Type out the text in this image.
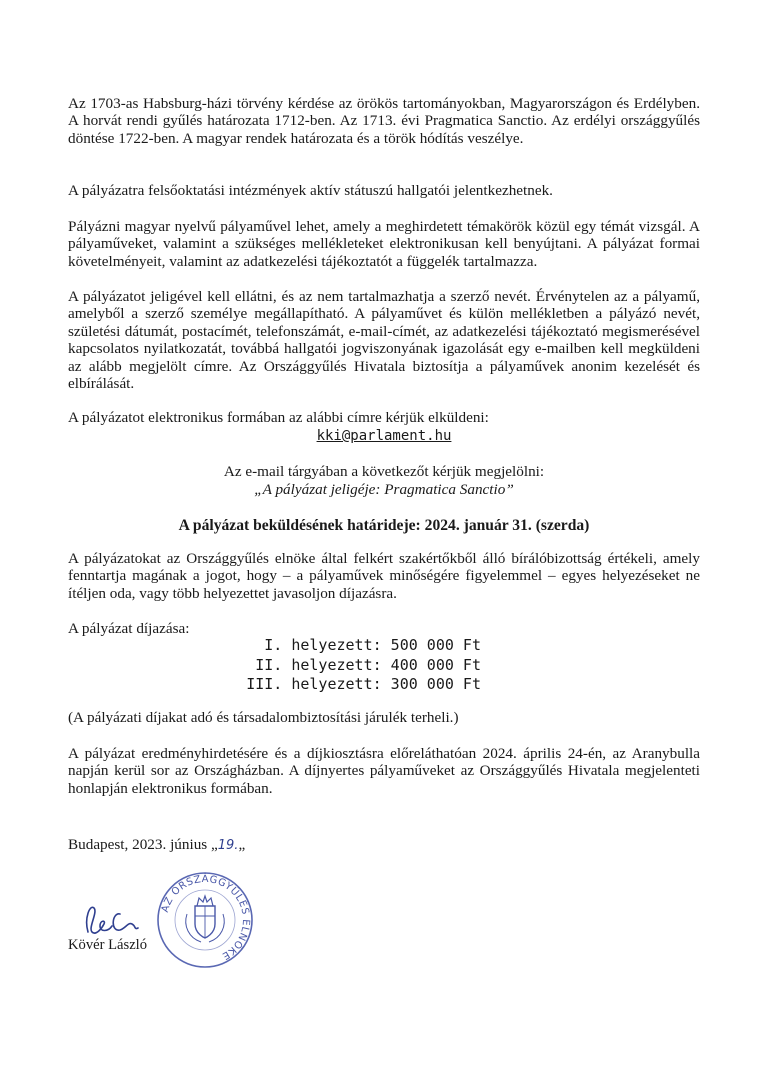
Az 1703-as Habsburg-házi törvény kérdése az örökös tartományokban, Magyarországon és Erdélyben. A horvát rendi gyűlés határozata 1712-ben. Az 1713. évi Pragmatica Sanctio. Az erdélyi országgyűlés döntése 1722-ben. A magyar rendek határozata és a török hódítás veszélye.

A pályázatra felsőoktatási intézmények aktív státuszú hallgatói jelentkezhetnek.

Pályázni magyar nyelvű pályaművel lehet, amely a meghirdetett témakörök közül egy témát vizsgál. A pályaműveket, valamint a szükséges mellékleteket elektronikusan kell benyújtani. A pályázat formai követelményeit, valamint az adatkezelési tájékoztatót a függelék tartalmazza.

A pályázatot jeligével kell ellátni, és az nem tartalmazhatja a szerző nevét. Érvénytelen az a pályamű, amelyből a szerző személye megállapítható. A pályaművet és külön mellékletben a pályázó nevét, születési dátumát, postacímét, telefonszámát, e-mail-címét, az adatkezelési tájékoztató megismerésével kapcsolatos nyilatkozatát, továbbá hallgatói jogviszonyának igazolását egy e-mailben kell megküldeni az alább megjelölt címre. Az Országgyűlés Hivatala biztosítja a pályaművek anonim kezelését és elbírálását.

A pályázatot elektronikus formában az alábbi címre kérjük elküldeni:

kki@parlament.hu

Az e-mail tárgyában a következőt kérjük megjelölni:

„A pályázat jeligéje: Pragmatica Sanctio”

A pályázat beküldésének határideje: 2024. január 31. (szerda)

A pályázatokat az Országgyűlés elnöke által felkért szakértőkből álló bírálóbizottság értékeli, amely fenntartja magának a jogot, hogy – a pályaművek minőségére figyelemmel – egyes helyezéseket ne ítéljen oda, vagy több helyezettet javasoljon díjazásra.

A pályázat díjazása:

I. helyezett: 500 000 Ft
II. helyezett: 400 000 Ft
III. helyezett: 300 000 Ft

(A pályázati díjakat adó és társadalombiztosítási járulék terheli.)

A pályázat eredményhirdetésére és a díjkiosztásra előreláthatóan 2024. április 24-én, az Aranybulla napján kerül sor az Országházban. A díjnyertes pályaműveket az Országgyűlés Hivatala megjelenteti honlapján elektronikus formában.

Budapest, 2023. június „19.„

Kövér László
AZ ORSZÁGGYŰLÉS ELNÖKE
